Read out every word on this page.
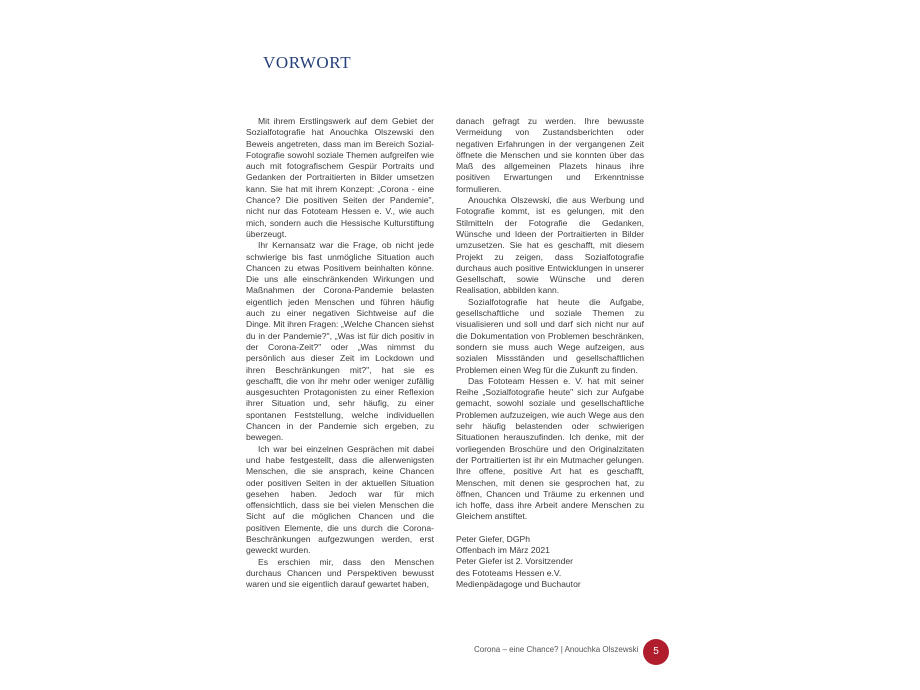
VORWORT

Mit ihrem Erstlingswerk auf dem Gebiet der Sozialfotografie hat Anouchka Olszewski den Beweis angetreten, dass man im Bereich Sozial-Fotografie sowohl soziale Themen aufgreifen wie auch mit fotografischem Gespür Portraits und Gedanken der Portraitierten in Bilder umsetzen kann. Sie hat mit ihrem Konzept: „Corona - eine Chance? Die positiven Seiten der Pandemie", nicht nur das Fototeam Hessen e. V., wie auch mich, sondern auch die Hessische Kulturstiftung überzeugt.

Ihr Kernansatz war die Frage, ob nicht jede schwierige bis fast unmögliche Situation auch Chancen zu etwas Positivem beinhalten könne. Die uns alle einschränkenden Wirkungen und Maßnahmen der Corona-Pandemie belasten eigentlich jeden Menschen und führen häufig auch zu einer negativen Sichtweise auf die Dinge. Mit ihren Fragen: „Welche Chancen siehst du in der Pandemie?", „Was ist für dich positiv in der Corona-Zeit?" oder „Was nimmst du persönlich aus dieser Zeit im Lockdown und ihren Beschränkungen mit?", hat sie es geschafft, die von ihr mehr oder weniger zufällig ausgesuchten Protagonisten zu einer Reflexion ihrer Situation und, sehr häufig, zu einer spontanen Feststellung, welche individuellen Chancen in der Pandemie sich ergeben, zu bewegen.

Ich war bei einzelnen Gesprächen mit dabei und habe festgestellt, dass die allerwenigsten Menschen, die sie ansprach, keine Chancen oder positiven Seiten in der aktuellen Situation gesehen haben. Jedoch war für mich offensichtlich, dass sie bei vielen Menschen die Sicht auf die möglichen Chancen und die positiven Elemente, die uns durch die Corona-Beschränkungen aufgezwungen werden, erst geweckt wurden.

Es erschien mir, dass den Menschen durchaus Chancen und Perspektiven bewusst waren und sie eigentlich darauf gewartet haben,

danach gefragt zu werden. Ihre bewusste Vermeidung von Zustandsberichten oder negativen Erfahrungen in der vergangenen Zeit öffnete die Menschen und sie konnten über das Maß des allgemeinen Plazets hinaus ihre positiven Erwartungen und Erkenntnisse formulieren.

Anouchka Olszewski, die aus Werbung und Fotografie kommt, ist es gelungen, mit den Stilmitteln der Fotografie die Gedanken, Wünsche und Ideen der Portraitierten in Bilder umzusetzen. Sie hat es geschafft, mit diesem Projekt zu zeigen, dass Sozialfotografie durchaus auch positive Entwicklungen in unserer Gesellschaft, sowie Wünsche und deren Realisation, abbilden kann.

Sozialfotografie hat heute die Aufgabe, gesellschaftliche und soziale Themen zu visualisieren und soll und darf sich nicht nur auf die Dokumentation von Problemen beschränken, sondern sie muss auch Wege aufzeigen, aus sozialen Missständen und gesellschaftlichen Problemen einen Weg für die Zukunft zu finden.

Das Fototeam Hessen e. V. hat mit seiner Reihe „Sozialfotografie heute" sich zur Aufgabe gemacht, sowohl soziale und gesellschaftliche Problemen aufzuzeigen, wie auch Wege aus den sehr häufig belastenden oder schwierigen Situationen herauszufinden. Ich denke, mit der vorliegenden Broschüre und den Originalzitaten der Portraitierten ist ihr ein Mutmacher gelungen. Ihre offene, positive Art hat es geschafft, Menschen, mit denen sie gesprochen hat, zu öffnen, Chancen und Träume zu erkennen und ich hoffe, dass ihre Arbeit andere Menschen zu Gleichem anstiftet.

Peter Giefer, DGPh
Offenbach im März 2021
Peter Giefer ist 2. Vorsitzender
des Fototeams Hessen e.V.
Medienpädagoge und Buchautor
Corona – eine Chance? | Anouchka Olszewski	5
